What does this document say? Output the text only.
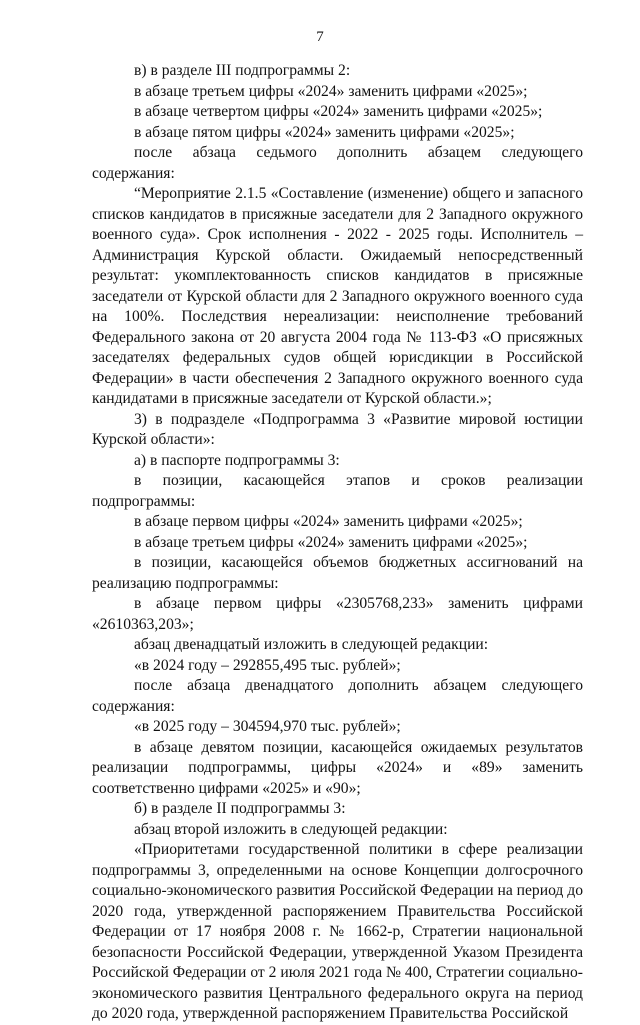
7

в) в разделе III подпрограммы 2:

в абзаце третьем цифры «2024» заменить цифрами «2025»;

в абзаце четвертом цифры «2024» заменить цифрами «2025»;

в абзаце пятом цифры «2024» заменить цифрами «2025»;

после абзаца седьмого дополнить абзацем следующего содержания:

“Мероприятие 2.1.5 «Составление (изменение) общего и запасного списков кандидатов в присяжные заседатели для 2 Западного окружного военного суда». Срок исполнения - 2022 - 2025 годы. Исполнитель – Администрация Курской области. Ожидаемый непосредственный результат: укомплектованность списков кандидатов в присяжные заседатели от Курской области для 2 Западного окружного военного суда на 100%. Последствия нереализации: неисполнение требований Федерального закона от 20 августа 2004 года № 113-ФЗ «О присяжных заседателях федеральных судов общей юрисдикции в Российской Федерации» в части обеспечения 2 Западного окружного военного суда кандидатами в присяжные заседатели от Курской области.»;

3) в подразделе «Подпрограмма 3 «Развитие мировой юстиции Курской области»:

а) в паспорте подпрограммы 3:

в позиции, касающейся этапов и сроков реализации подпрограммы:

в абзаце первом цифры «2024» заменить цифрами «2025»;

в абзаце третьем цифры «2024» заменить цифрами «2025»;

в позиции, касающейся объемов бюджетных ассигнований на реализацию подпрограммы:

в абзаце первом цифры «2305768,233» заменить цифрами «2610363,203»;

абзац двенадцатый изложить в следующей редакции:

«в 2024 году – 292855,495 тыс. рублей»;

после абзаца двенадцатого дополнить абзацем следующего содержания:

«в 2025 году – 304594,970 тыс. рублей»;

в абзаце девятом позиции, касающейся ожидаемых результатов реализации подпрограммы, цифры «2024» и «89» заменить соответственно цифрами «2025» и «90»;

б) в разделе II подпрограммы 3:

абзац второй изложить в следующей редакции:

«Приоритетами государственной политики в сфере реализации подпрограммы 3, определенными на основе Концепции долгосрочного социально-экономического развития Российской Федерации на период до 2020 года, утвержденной распоряжением Правительства Российской Федерации от 17 ноября 2008 г. № 1662-р, Стратегии национальной безопасности Российской Федерации, утвержденной Указом Президента Российской Федерации от 2 июля 2021 года № 400, Стратегии социально-экономического развития Центрального федерального округа на период до 2020 года, утвержденной распоряжением Правительства Российской
